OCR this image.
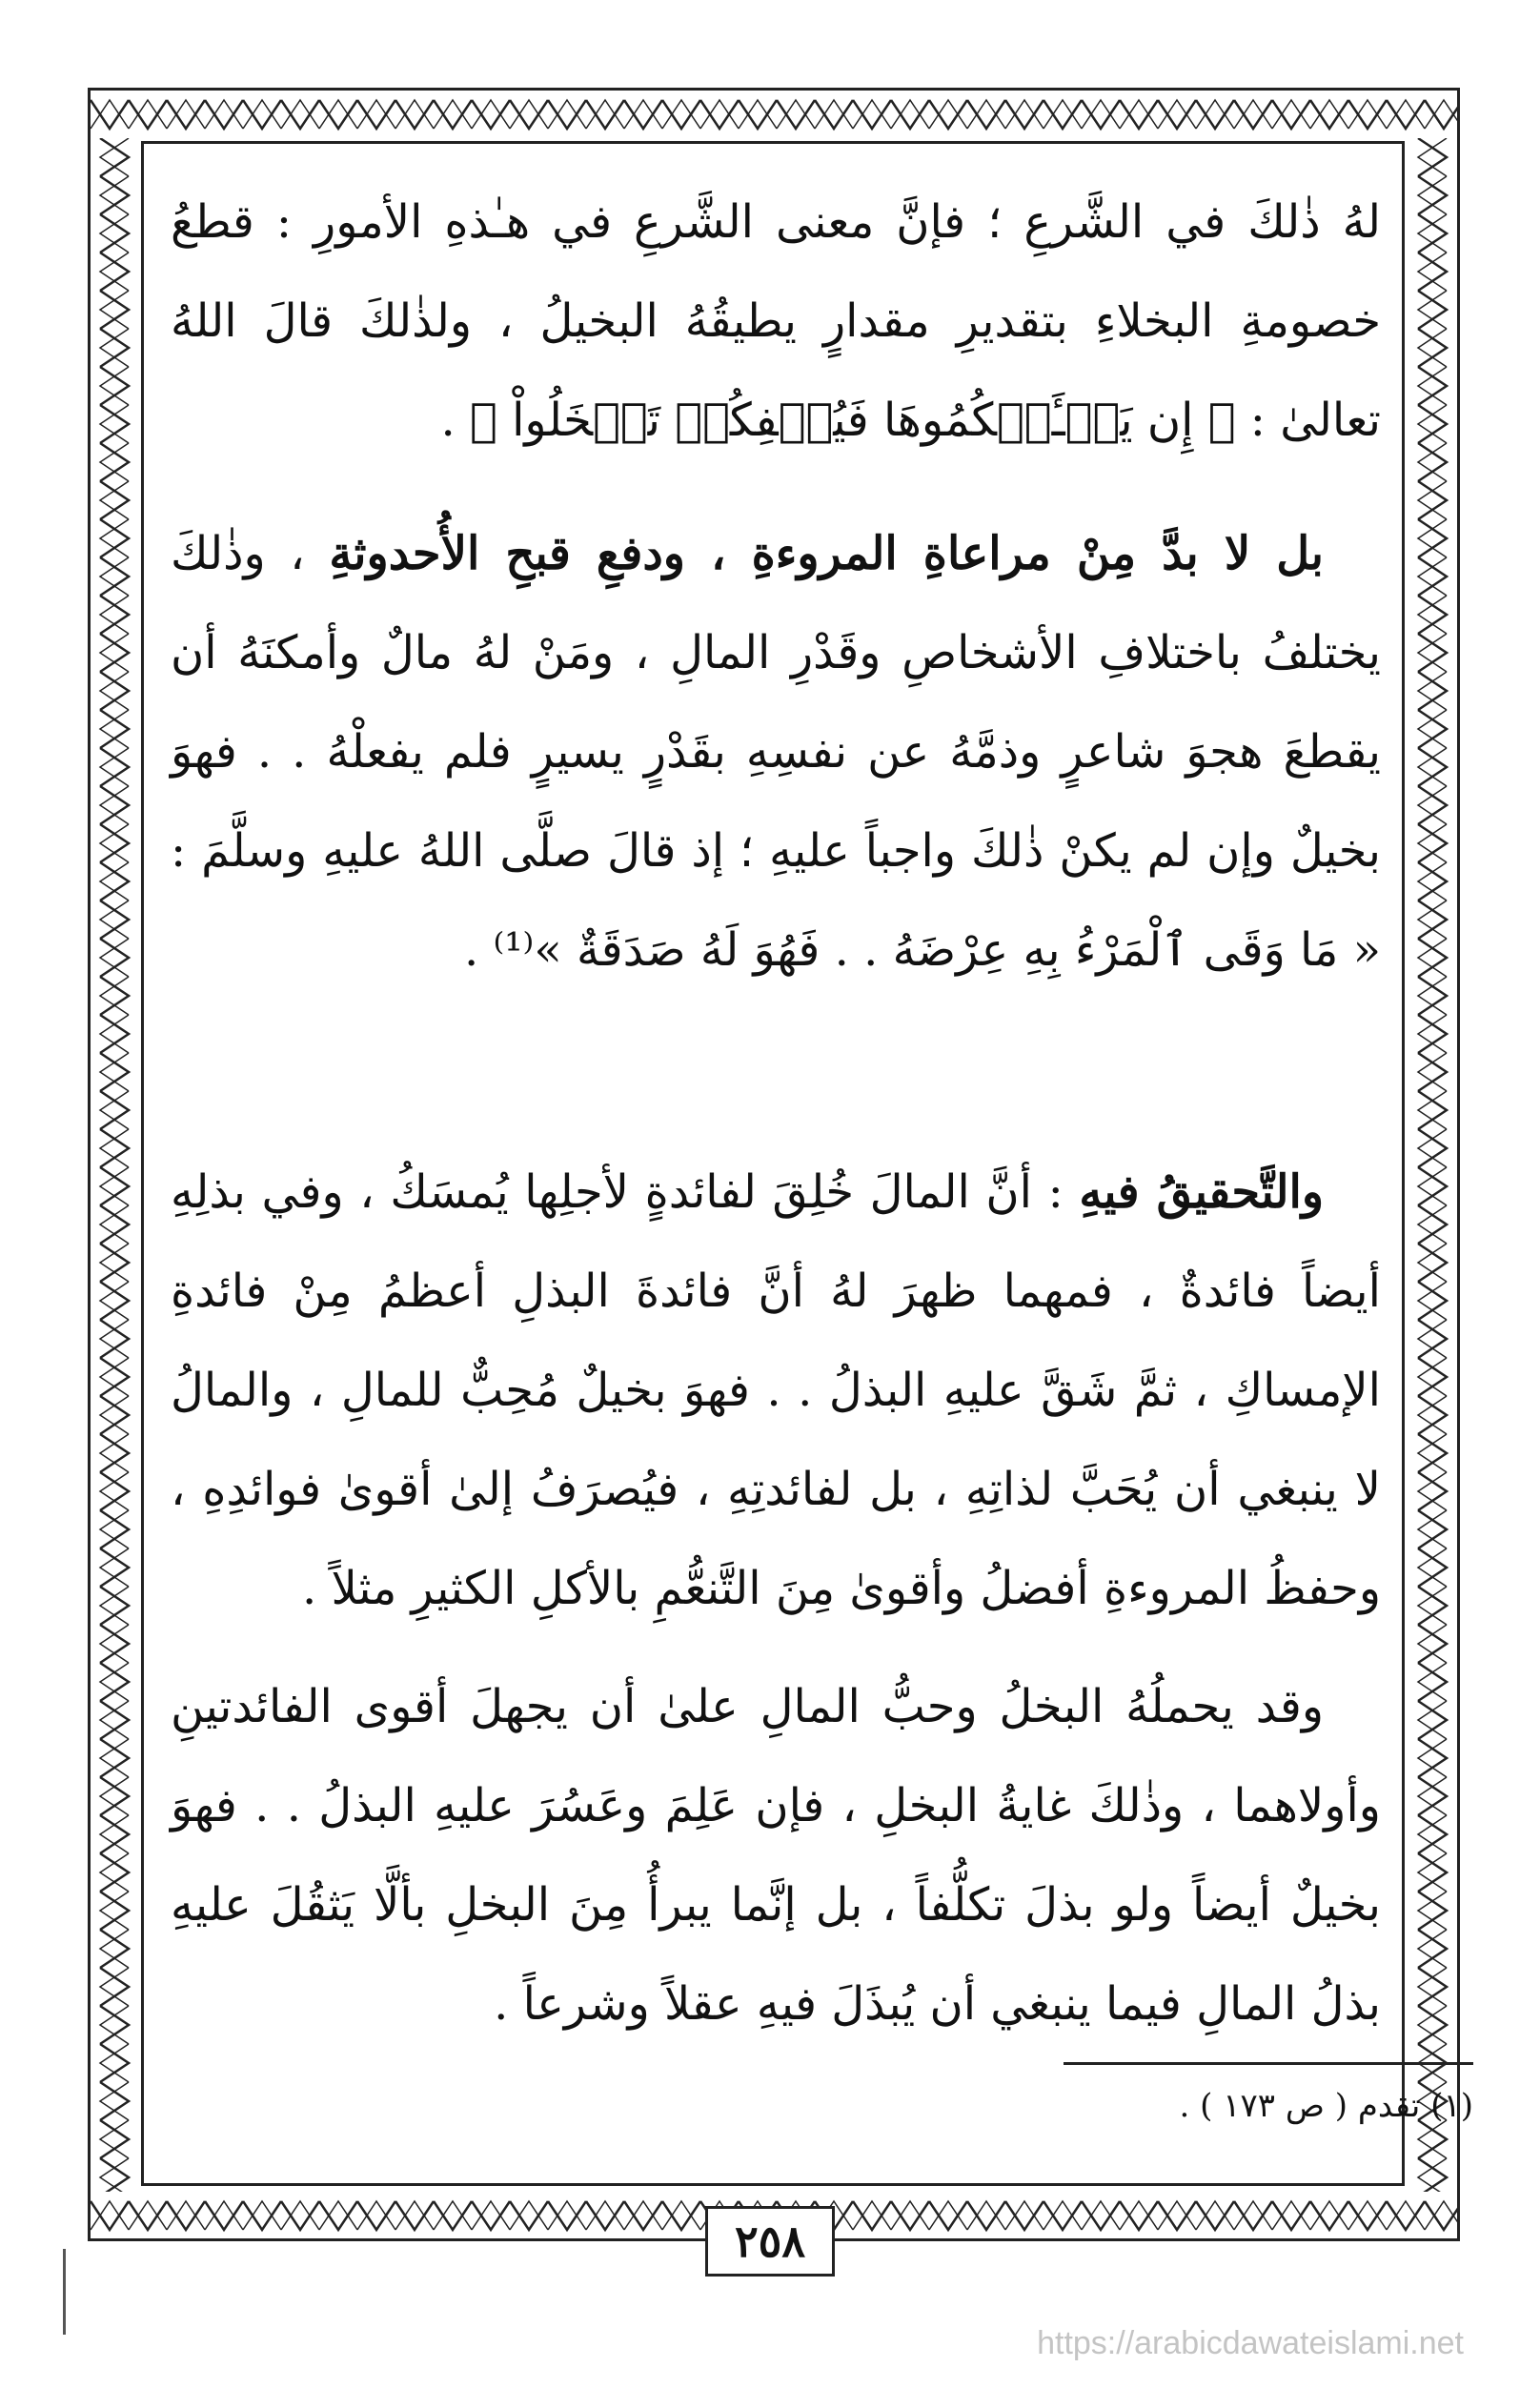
لهُ ذٰلكَ في الشَّرعِ ؛ فإنَّ معنى الشَّرعِ في هـٰذهِ الأمورِ : قطعُ خصومةِ البخلاءِ بتقديرِ مقدارٍ يطيقُهُ البخيلُ ، ولذٰلكَ قالَ اللهُ تعالىٰ : ﴿ إِن يَسۡـَٔلۡكُمُوهَا فَيُحۡفِكُمۡ تَبۡخَلُواْ ﴾ .

بل لا بدَّ مِنْ مراعاةِ المروءةِ ، ودفعِ قبحِ الأُحدوثةِ ، وذٰلكَ يختلفُ باختلافِ الأشخاصِ وقَدْرِ المالِ ، ومَنْ لهُ مالٌ وأمكنَهُ أن يقطعَ هجوَ شاعرٍ وذمَّهُ عن نفسِهِ بقَدْرٍ يسيرٍ فلم يفعلْهُ . . فهوَ بخيلٌ وإن لم يكنْ ذٰلكَ واجباً عليهِ ؛ إذ قالَ صلَّى اللهُ عليهِ وسلَّمَ : « مَا وَقَى ٱلْمَرْءُ بِهِ عِرْضَهُ . . فَهُوَ لَهُ صَدَقَةٌ »⁽¹⁾ .

والتَّحقيقُ فيهِ : أنَّ المالَ خُلِقَ لفائدةٍ لأجلِها يُمسَكُ ، وفي بذلِهِ أيضاً فائدةٌ ، فمهما ظهرَ لهُ أنَّ فائدةَ البذلِ أعظمُ مِنْ فائدةِ الإمساكِ ، ثمَّ شَقَّ عليهِ البذلُ . . فهوَ بخيلٌ مُحِبٌّ للمالِ ، والمالُ لا ينبغي أن يُحَبَّ لذاتِهِ ، بل لفائدتِهِ ، فيُصرَفُ إلىٰ أقوىٰ فوائدِهِ ، وحفظُ المروءةِ أفضلُ وأقوىٰ مِنَ التَّنعُّمِ بالأكلِ الكثيرِ مثلاً .

وقد يحملُهُ البخلُ وحبُّ المالِ علىٰ أن يجهلَ أقوى الفائدتينِ وأولاهما ، وذٰلكَ غايةُ البخلِ ، فإن عَلِمَ وعَسُرَ عليهِ البذلُ . . فهوَ بخيلٌ أيضاً ولو بذلَ تكلُّفاً ، بل إنَّما يبرأُ مِنَ البخلِ بألَّا يَثقُلَ عليهِ بذلُ المالِ فيما ينبغي أن يُبذَلَ فيهِ عقلاً وشرعاً .

(١) تقدم ( ص ١٧٣ ) .
٢٥٨
https://arabicdawateislami.net
